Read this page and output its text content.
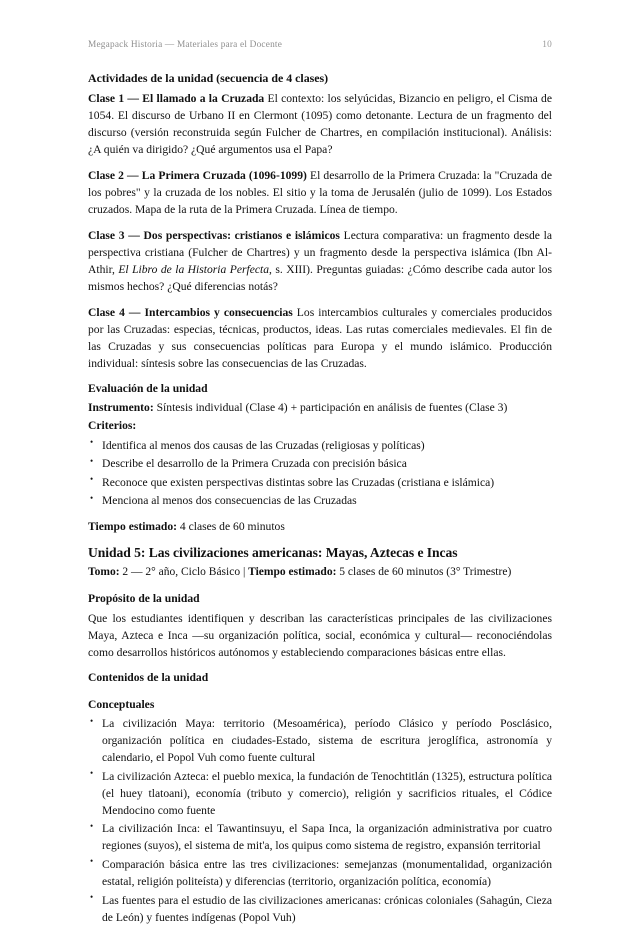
Megapack Historia — Materiales para el Docente	10
Actividades de la unidad (secuencia de 4 clases)

Clase 1 — El llamado a la Cruzada El contexto: los selyúcidas, Bizancio en peligro, el Cisma de 1054. El discurso de Urbano II en Clermont (1095) como detonante. Lectura de un fragmento del discurso (versión reconstruida según Fulcher de Chartres, en compilación institucional). Análisis: ¿A quién va dirigido? ¿Qué argumentos usa el Papa?

Clase 2 — La Primera Cruzada (1096-1099) El desarrollo de la Primera Cruzada: la "Cruzada de los pobres" y la cruzada de los nobles. El sitio y la toma de Jerusalén (julio de 1099). Los Estados cruzados. Mapa de la ruta de la Primera Cruzada. Línea de tiempo.

Clase 3 — Dos perspectivas: cristianos e islámicos Lectura comparativa: un fragmento desde la perspectiva cristiana (Fulcher de Chartres) y un fragmento desde la perspectiva islámica (Ibn Al-Athir, El Libro de la Historia Perfecta, s. XIII). Preguntas guiadas: ¿Cómo describe cada autor los mismos hechos? ¿Qué diferencias notás?

Clase 4 — Intercambios y consecuencias Los intercambios culturales y comerciales producidos por las Cruzadas: especias, técnicas, productos, ideas. Las rutas comerciales medievales. El fin de las Cruzadas y sus consecuencias políticas para Europa y el mundo islámico. Producción individual: síntesis sobre las consecuencias de las Cruzadas.

Evaluación de la unidad

Instrumento: Síntesis individual (Clase 4) + participación en análisis de fuentes (Clase 3)

Criterios:
• Identifica al menos dos causas de las Cruzadas (religiosas y políticas)
• Describe el desarrollo de la Primera Cruzada con precisión básica
• Reconoce que existen perspectivas distintas sobre las Cruzadas (cristiana e islámica)
• Menciona al menos dos consecuencias de las Cruzadas

Tiempo estimado: 4 clases de 60 minutos

Unidad 5: Las civilizaciones americanas: Mayas, Aztecas e Incas

Tomo: 2 — 2° año, Ciclo Básico | Tiempo estimado: 5 clases de 60 minutos (3° Trimestre)

Propósito de la unidad

Que los estudiantes identifiquen y describan las características principales de las civilizaciones Maya, Azteca e Inca —su organización política, social, económica y cultural— reconociéndolas como desarrollos históricos autónomos y estableciendo comparaciones básicas entre ellas.

Contenidos de la unidad
Conceptuales
• La civilización Maya: territorio (Mesoamérica), período Clásico y período Posclásico, organización política en ciudades-Estado, sistema de escritura jeroglífica, astronomía y calendario, el Popol Vuh como fuente cultural
• La civilización Azteca: el pueblo mexica, la fundación de Tenochtitlán (1325), estructura política (el huey tlatoani), economía (tributo y comercio), religión y sacrificios rituales, el Códice Mendocino como fuente
• La civilización Inca: el Tawantinsuyu, el Sapa Inca, la organización administrativa por cuatro regiones (suyos), el sistema de mit'a, los quipus como sistema de registro, expansión territorial
• Comparación básica entre las tres civilizaciones: semejanzas (monumentalidad, organización estatal, religión politeísta) y diferencias (territorio, organización política, economía)
• Las fuentes para el estudio de las civilizaciones americanas: crónicas coloniales (Sahagún, Cieza de León) y fuentes indígenas (Popol Vuh)
